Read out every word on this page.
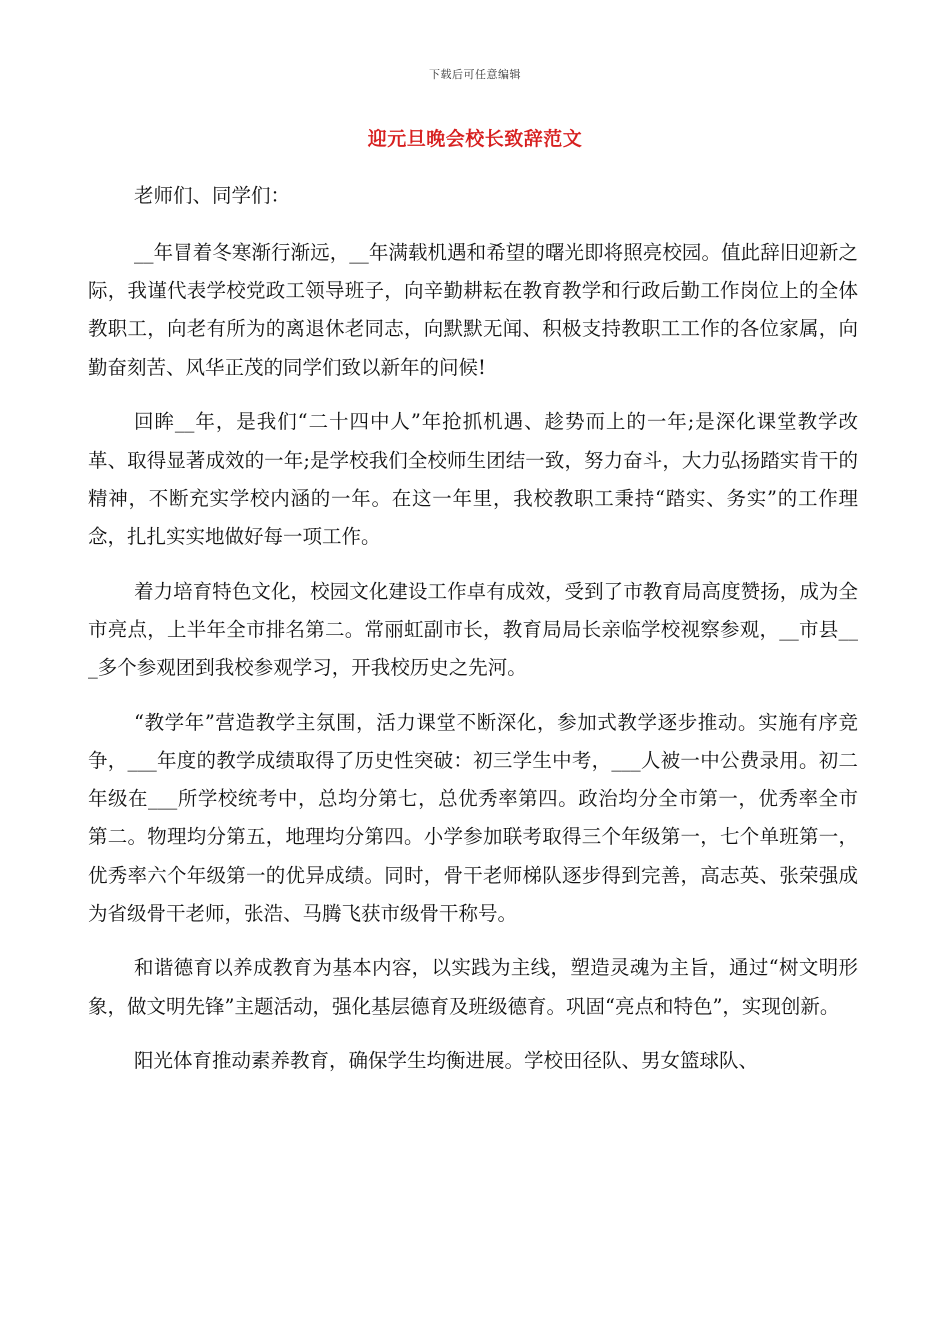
下载后可任意编辑
迎元旦晚会校长致辞范文

老师们、同学们：

__年冒着冬寒渐行渐远，__年满载机遇和希望的曙光即将照亮校园。值此辞旧迎新之际，我谨代表学校党政工领导班子，向辛勤耕耘在教育教学和行政后勤工作岗位上的全体教职工，向老有所为的离退休老同志，向默默无闻、积极支持教职工工作的各位家属，向勤奋刻苦、风华正茂的同学们致以新年的问候!

回眸__年，是我们“二十四中人”年抢抓机遇、趁势而上的一年;是深化课堂教学改革、取得显著成效的一年;是学校我们全校师生团结一致，努力奋斗，大力弘扬踏实肯干的精神，不断充实学校内涵的一年。在这一年里，我校教职工秉持“踏实、务实”的工作理念，扎扎实实地做好每一项工作。

着力培育特色文化，校园文化建设工作卓有成效，受到了市教育局高度赞扬，成为全市亮点，上半年全市排名第二。常丽虹副市长，教育局局长亲临学校视察参观，__市县___多个参观团到我校参观学习，开我校历史之先河。

“教学年”营造教学主氛围，活力课堂不断深化，参加式教学逐步推动。实施有序竞争，___年度的教学成绩取得了历史性突破：初三学生中考，___人被一中公费录用。初二年级在___所学校统考中，总均分第七，总优秀率第四。政治均分全市第一，优秀率全市第二。物理均分第五，地理均分第四。小学参加联考取得三个年级第一，七个单班第一，优秀率六个年级第一的优异成绩。同时，骨干老师梯队逐步得到完善，高志英、张荣强成为省级骨干老师，张浩、马腾飞获市级骨干称号。

和谐德育以养成教育为基本内容，以实践为主线，塑造灵魂为主旨，通过“树文明形象，做文明先锋”主题活动，强化基层德育及班级德育。巩固“亮点和特色”，实现创新。

阳光体育推动素养教育，确保学生均衡进展。学校田径队、男女篮球队、
